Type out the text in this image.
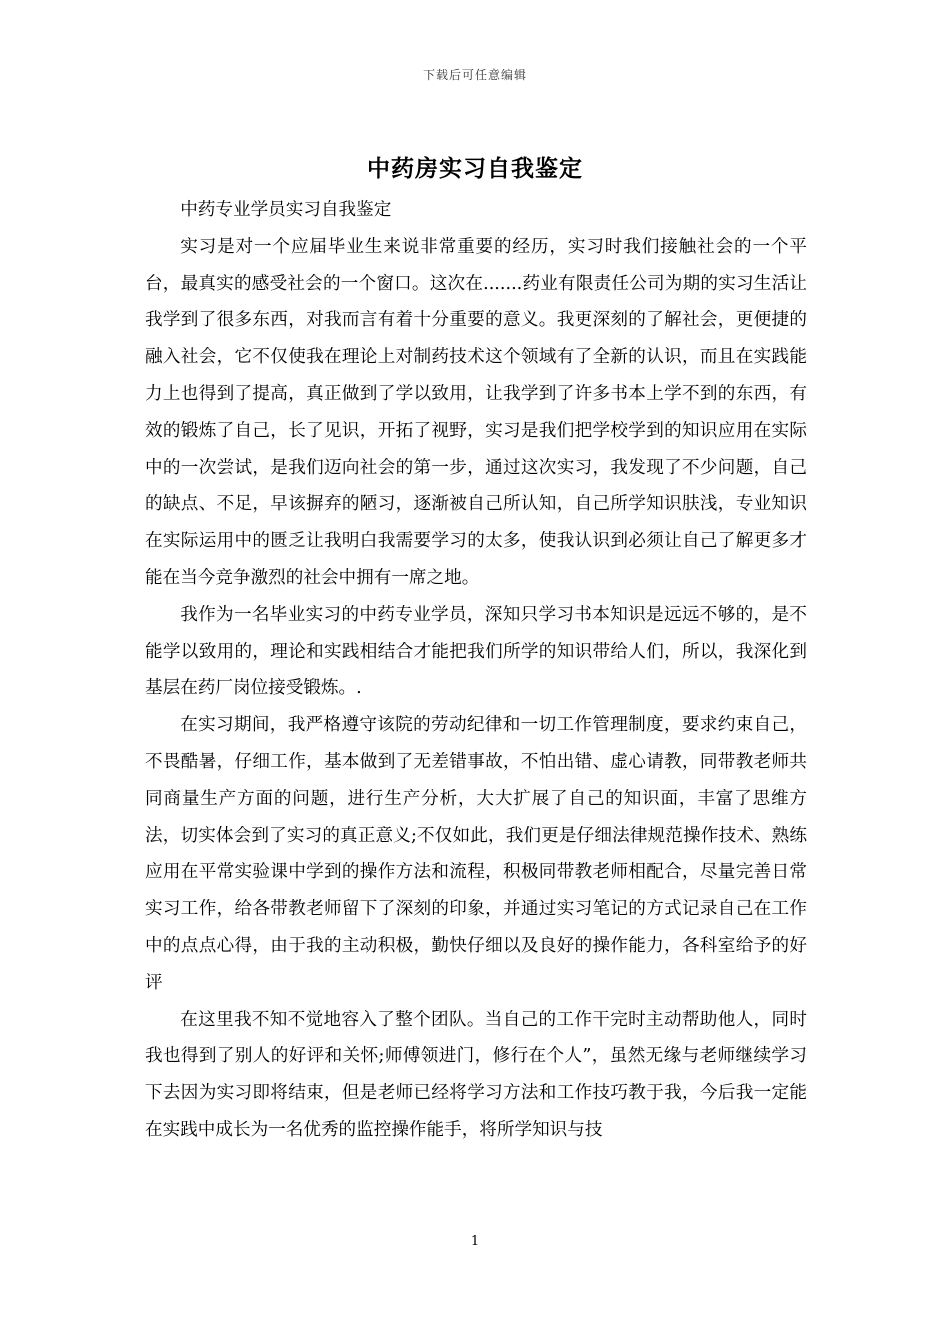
下载后可任意编辑
中药房实习自我鉴定

中药专业学员实习自我鉴定

实习是对一个应届毕业生来说非常重要的经历，实习时我们接触社会的一个平台，最真实的感受社会的一个窗口。这次在.......药业有限责任公司为期的实习生活让我学到了很多东西，对我而言有着十分重要的意义。我更深刻的了解社会，更便捷的融入社会，它不仅使我在理论上对制药技术这个领域有了全新的认识，而且在实践能力上也得到了提高，真正做到了学以致用，让我学到了许多书本上学不到的东西，有效的锻炼了自己，长了见识，开拓了视野，实习是我们把学校学到的知识应用在实际中的一次尝试，是我们迈向社会的第一步，通过这次实习，我发现了不少问题，自己的缺点、不足，早该摒弃的陋习，逐渐被自己所认知，自己所学知识肤浅，专业知识在实际运用中的匮乏让我明白我需要学习的太多，使我认识到必须让自己了解更多才能在当今竞争激烈的社会中拥有一席之地。

我作为一名毕业实习的中药专业学员，深知只学习书本知识是远远不够的，是不能学以致用的，理论和实践相结合才能把我们所学的知识带给人们，所以，我深化到基层在药厂岗位接受锻炼。.

在实习期间，我严格遵守该院的劳动纪律和一切工作管理制度，要求约束自己，不畏酷暑，仔细工作，基本做到了无差错事故，不怕出错、虚心请教，同带教老师共同商量生产方面的问题，进行生产分析，大大扩展了自己的知识面，丰富了思维方法，切实体会到了实习的真正意义;不仅如此，我们更是仔细法律规范操作技术、熟练应用在平常实验课中学到的操作方法和流程，积极同带教老师相配合，尽量完善日常实习工作，给各带教老师留下了深刻的印象，并通过实习笔记的方式记录自己在工作中的点点心得，由于我的主动积极，勤快仔细以及良好的操作能力，各科室给予的好评

在这里我不知不觉地容入了整个团队。当自己的工作干完时主动帮助他人，同时我也得到了别人的好评和关怀;师傅领进门，修行在个人”，虽然无缘与老师继续学习下去因为实习即将结束，但是老师已经将学习方法和工作技巧教于我，今后我一定能在实践中成长为一名优秀的监控操作能手，将所学知识与技

1
